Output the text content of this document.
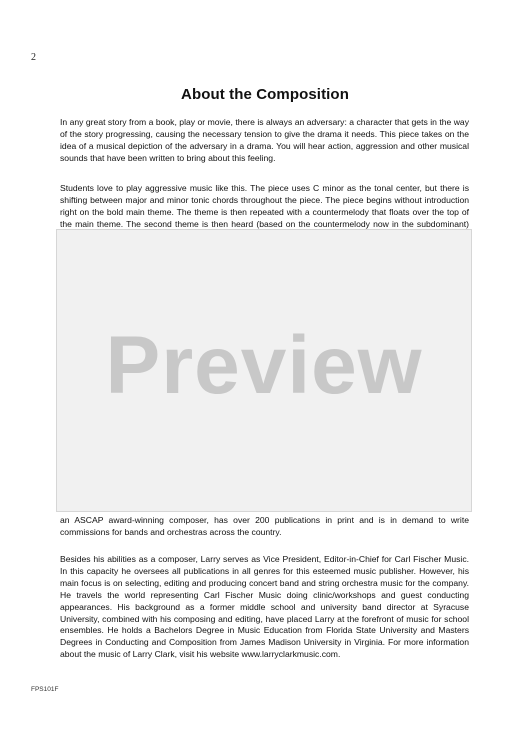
2
About the Composition

In any great story from a book, play or movie, there is always an adversary: a character that gets in the way of the story progressing, causing the necessary tension to give the drama it needs. This piece takes on the idea of a musical depiction of the adversary in a drama. You will hear action, aggression and other musical sounds that have been written to bring about this feeling.

Students love to play aggressive music like this. The piece uses C minor as the tonal center, but there is shifting between major and minor tonic chords throughout the piece. The piece begins without introduction right on the bold main theme. The theme is then repeated with a countermelody that floats over the top of the main theme. The second theme is then heard (based on the countermelody now in the subdominant)

an ASCAP award-winning composer, has over 200 publications in print and is in demand to write commissions for bands and orchestras across the country.

Besides his abilities as a composer, Larry serves as Vice President, Editor-in-Chief for Carl Fischer Music. In this capacity he oversees all publications in all genres for this esteemed music publisher. However, his main focus is on selecting, editing and producing concert band and string orchestra music for the company. He travels the world representing Carl Fischer Music doing clinic/workshops and guest conducting appearances. His background as a former middle school and university band director at Syracuse University, combined with his composing and editing, have placed Larry at the forefront of music for school ensembles. He holds a Bachelors Degree in Music Education from Florida State University and Masters Degrees in Conducting and Composition from James Madison University in Virginia. For more information about the music of Larry Clark, visit his website www.larryclarkmusic.com.

Preview
FPS101F
